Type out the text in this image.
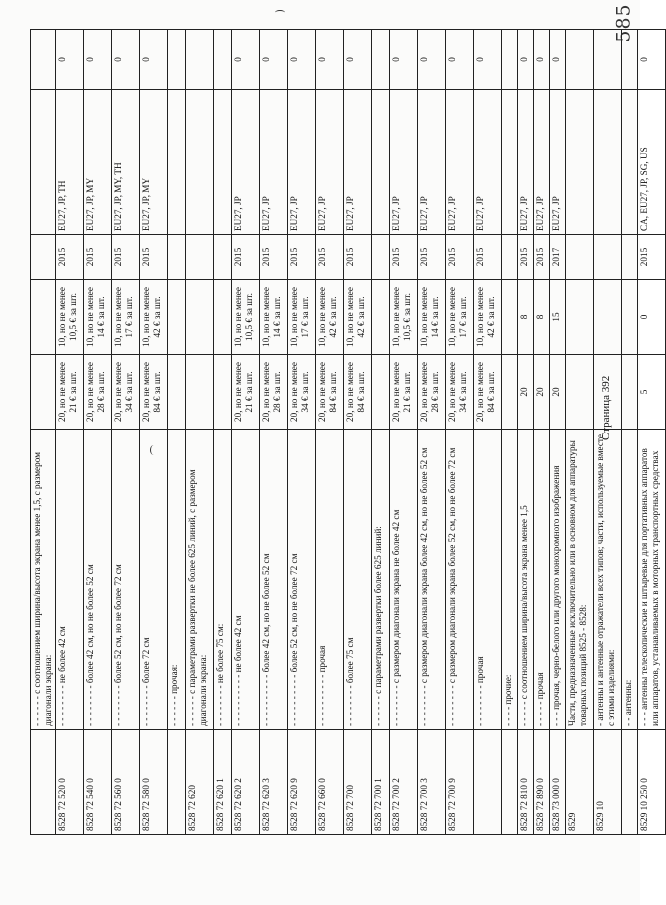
585
	- - - - - - с соотношением ширина/высота экрана менее 1,5, с размером диагонали экрана:					
8528 72 520 0	- - - - - - - - не более 42 см	20, но не менее 21 € за шт.	10, но не менее 10,5 € за шт.	2015	EU27, JP, TH	0
8528 72 540 0	- - - - - - - - более 42 см, но не более 52 см	20, но не менее 28 € за шт.	10, но не менее 14 € за шт.	2015	EU27, JP, MY	0
8528 72 560 0	- - - - - - - - более 52 см, но не более 72 см	20, но не менее 34 € за шт.	10, но не менее 17 € за шт.	2015	EU27, JP, MY, TH	0
8528 72 580 0	- - - - - - - - более 72 см	20, но не менее 84 € за шт.	10, но не менее 42 € за шт.	2015	EU27, JP, MY	0
	- - - - - - прочая:					
8528 72 620	- - - - - - с параметрами развертки не более 625 линий, с размером диагонали экрана:					
8528 72 620 1	- - - - - - - - не более 75 см:					
8528 72 620 2	- - - - - - - - - - не более 42 см	20, но не менее 21 € за шт.	10, но не менее 10,5 € за шт.	2015	EU27, JP	0
8528 72 620 3	- - - - - - - - - - более 42 см, но не более 52 см	20, но не менее 28 € за шт.	10, но не менее 14 € за шт.	2015	EU27, JP	0
8528 72 620 9	- - - - - - - - - - более 52 см, но не более 72 см	20, но не менее 34 € за шт.	10, но не менее 17 € за шт.	2015	EU27, JP	0
8528 72 660 0	- - - - - - - - - - прочая	20, но не менее 84 € за шт.	10, но не менее 42 € за шт.	2015	EU27, JP	0
8528 72 700	- - - - - - - - более 75 см	20, но не менее 84 € за шт.	10, но не менее 42 € за шт.	2015	EU27, JP	0
8528 72 700 1	- - - - - - с параметрами развертки более 625 линий:					
8528 72 700 2	- - - - - - - - с размером диагонали экрана не более 42 см	20, но не менее 21 € за шт.	10, но не менее 10,5 € за шт.	2015	EU27, JP	0
8528 72 700 3	- - - - - - - - с размером диагонали экрана более 42 см, но не более 52 см	20, но не менее 28 € за шт.	10, но не менее 14 € за шт.	2015	EU27, JP	0
8528 72 700 9	- - - - - - - - с размером диагонали экрана более 52 см, но не более 72 см	20, но не менее 34 € за шт.	10, но не менее 17 € за шт.	2015	EU27, JP	0
	- - - - - - - - прочая	20, но не менее 84 € за шт.	10, но не менее 42 € за шт.	2015	EU27, JP	0
	- - - - прочие:					
8528 72 810 0	- - - - - с соотношением ширина/высота экрана менее 1,5	20	8	2015	EU27, JP	0
8528 72 890 0	- - - - - прочая	20	8	2015	EU27, JP	0
8528 73 000 0	- - - прочая, черно-белого или другого монохромного изображения	20	15	2017	EU27, JP	0
8529	Части, предназначенные исключительно или в основном для аппаратуры товарных позиций 8525 - 8528:					
8529 10	- антенны и антенные отражатели всех типов; части, используемые вместе с этими изделиями:					
	- - антенны:					
8529 10 250 0	- - - антенны телескопические и штыревые для портативных аппаратов или аппаратов, устанавливаемых в моторных транспортных средствах	5	0	2015	CA, EU27, JP, SG, US	0
Страница 392
